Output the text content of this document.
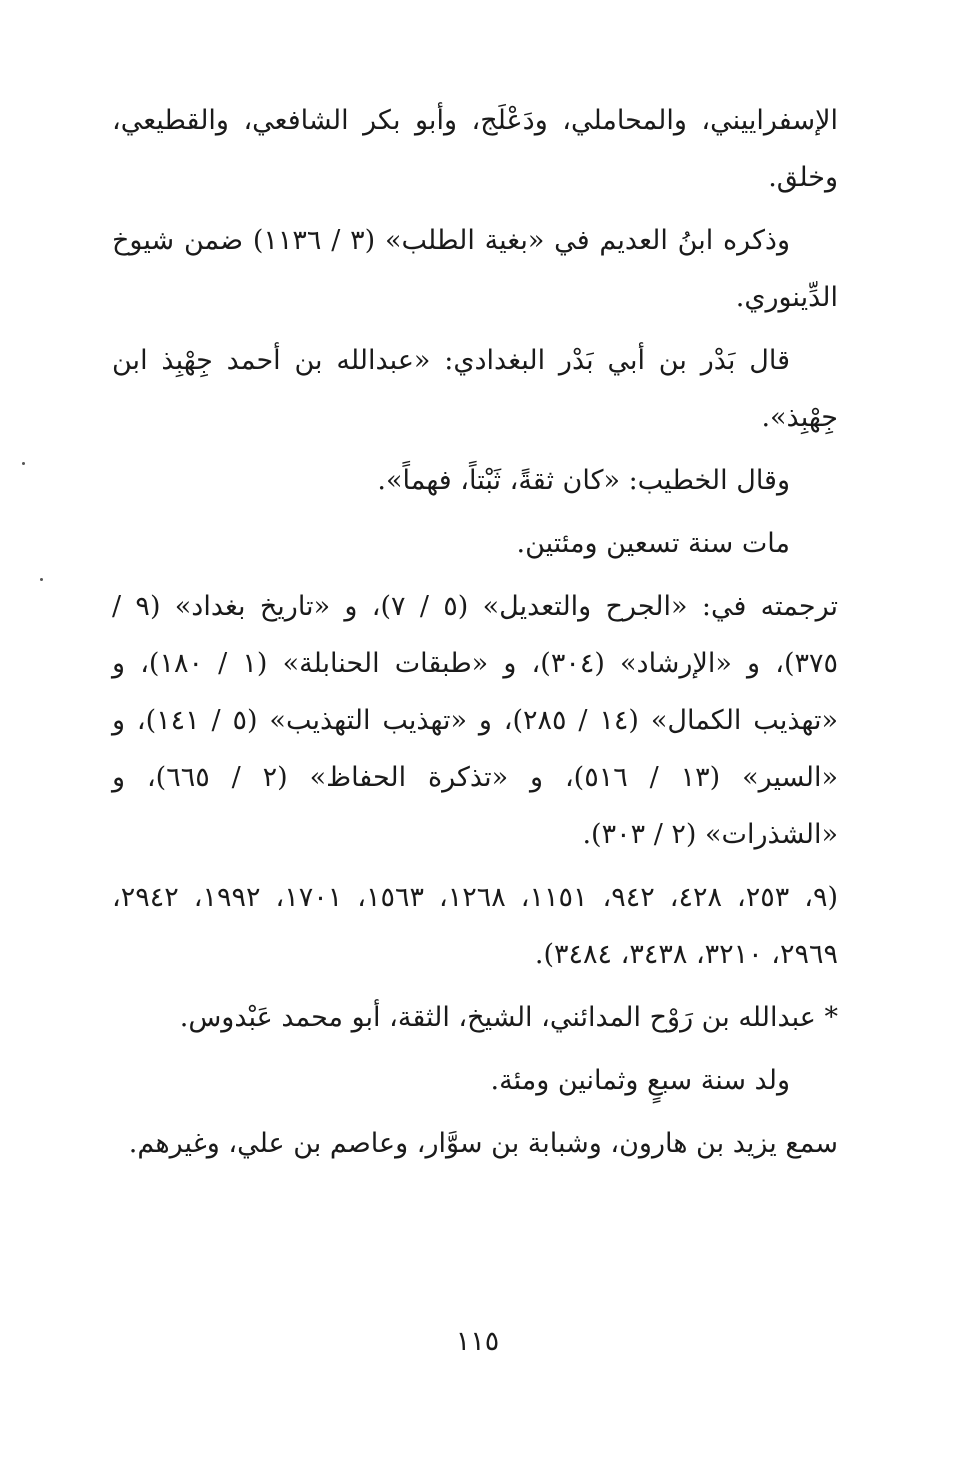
الإسفراييني، والمحاملي، ودَعْلَج، وأبو بكر الشافعي، والقطيعي، وخلق.

وذكره ابنُ العديم في «بغية الطلب» (٣ / ١١٣٦) ضمن شيوخ الدِّينوري.

قال بَدْر بن أبي بَدْر البغدادي: «عبدالله بن أحمد جِهْبِذ ابن جِهْبِذ».

وقال الخطيب: «كان ثقةً، ثَبْتاً، فهماً».

مات سنة تسعين ومئتين.

ترجمته في: «الجرح والتعديل» (٥ / ٧)، و «تاريخ بغداد» (٩ / ٣٧٥)، و «الإرشاد» (٣٠٤)، و «طبقات الحنابلة» (١ / ١٨٠)، و «تهذيب الكمال» (١٤ / ٢٨٥)، و «تهذيب التهذيب» (٥ / ١٤١)، و «السير» (١٣ / ٥١٦)، و «تذكرة الحفاظ» (٢ / ٦٦٥)، و «الشذرات» (٢ / ٣٠٣).

(٩، ٢٥٣، ٤٢٨، ٩٤٢، ١١٥١، ١٢٦٨، ١٥٦٣، ١٧٠١، ١٩٩٢، ٢٩٤٢، ٢٩٦٩، ٣٢١٠، ٣٤٣٨، ٣٤٨٤).

* عبدالله بن رَوْح المدائني، الشيخ، الثقة، أبو محمد عَبْدوس.

ولد سنة سبعٍ وثمانين ومئة.

سمع يزيد بن هارون، وشبابة بن سوَّار، وعاصم بن علي، وغيرهم.

١١٥
